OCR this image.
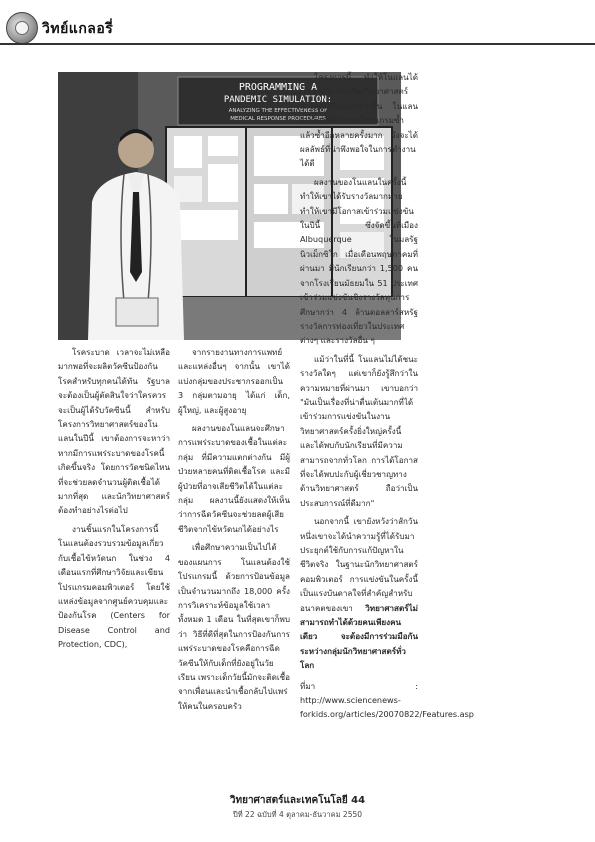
วิทย์แกลอรี่
PROGRAMMING A
PANDEMIC SIMULATION:
ANALYZING THE EFFECTIVENESS OF
MEDICAL RESPONSE PROCEDURES

โครงการนี้ ทำให้โนแลนได้เรียนรู้เกี่ยวกับเรื่องวิทยาศาสตร์ทางคอมพิวเตอร์มากขึ้น โนแลนเองต้องพลิกแพลงโปรแกรมซ้ำแล้วซ้ำอีกหลายครั้งมาก จึงจะได้ผลลัพธ์ที่น่าพึงพอใจในการทำงานได้ดี

ผลงานของโนแลนในครั้งนี้ทำให้เขาได้รับรางวัลมากมาย ทำให้เขามีโอกาสเข้าร่วมแข่งขันในปีนี้ ซึ่งจัดขึ้นที่เมือง Albuquerque ในมลรัฐนิวเม็กซิโก เมื่อเดือนพฤษภาคมที่ผ่านมา มีนักเรียนกว่า 1,500 คนจากโรงเรียนมัธยมใน 51 ประเทศ เข้าร่วมแข่งขันชิงรางวัลทุนการศึกษากว่า 4 ล้านดอลลาร์สหรัฐ รางวัลการท่องเที่ยวในประเทศต่างๆ และรางวัลอื่น ๆ

แม้ว่าในที่นี้ โนแลนไม่ได้ชนะรางวัลใดๆ แต่เขาก็ยังรู้สึกว่าในความหมายที่ผ่านมา เขาบอกว่า "มันเป็นเรื่องที่น่าตื่นเต้นมากที่ได้เข้าร่วมการแข่งขันในงานวิทยาศาสตร์ครั้งยิ่งใหญ่ครั้งนี้ และได้พบกับนักเรียนที่มีความสามารถจากทั่วโลก การได้โอกาสที่จะได้พบปะกับผู้เชี่ยวชาญทางด้านวิทยาศาสตร์ ถือว่าเป็นประสบการณ์ที่ดีมาก"

นอกจากนี้ เขายังหวังว่าสักวันหนึ่งเขาจะได้นำความรู้ที่ได้รับมาประยุกต์ใช้กับการแก้ปัญหาในชีวิตจริง ในฐานะนักวิทยาศาสตร์คอมพิวเตอร์ การแข่งขันในครั้งนี้เป็นแรงบันดาลใจที่สำคัญสำหรับอนาคตของเขา วิทยาศาสตร์ไม่สามารถทำได้ด้วยคนเพียงคนเดียว จะต้องมีการร่วมมือกันระหว่างกลุ่มนักวิทยาศาสตร์ทั่วโลก

ที่มา : http://www.sciencenews-forkids.org/articles/20070822/Features.asp

โรคระบาด เวลาจะไม่เหลือมากพอที่จะผลิตวัคซีนป้องกันโรคสำหรับทุกคนได้ทัน รัฐบาลจะต้องเป็นผู้ตัดสินใจว่าใครควรจะเป็นผู้ได้รับวัคซีนนี้ สำหรับโครงการวิทยาศาสตร์ของโนแลนในปีนี้ เขาต้องการจะหาว่าหากมีการแพร่ระบาดของโรคนี้เกิดขึ้นจริง โดยการวัดชนิดไหนที่จะช่วยลดจำนวนผู้ติดเชื้อได้มากที่สุด และนักวิทยาศาสตร์ต้องทำอย่างไรต่อไป

งานชิ้นแรกในโครงการนี้ โนแลนต้องรวบรวมข้อมูลเกี่ยวกับเชื้อไข้หวัดนก ในช่วง 4 เดือนแรกที่ศึกษาวิจัยและเขียนโปรแกรมคอมพิวเตอร์ โดยใช้แหล่งข้อมูลจากศูนย์ควบคุมและป้องกันโรค (Centers for Disease Control and Protection, CDC),

จากรายงานทางการแพทย์ และแหล่งอื่นๆ จากนั้น เขาได้แบ่งกลุ่มของประชากรออกเป็น 3 กลุ่มตามอายุ ได้แก่ เด็ก, ผู้ใหญ่, และผู้สูงอายุ

ผลงานของโนแลนจะศึกษาการแพร่ระบาดของเชื้อในแต่ละกลุ่ม ที่มีความแตกต่างกัน มีผู้ป่วยหลายคนที่ติดเชื้อโรค และมีผู้ป่วยที่อาจเสียชีวิตได้ในแต่ละกลุ่ม ผลงานนี้ยังแสดงให้เห็นว่าการฉีดวัคซีนจะช่วยลดผู้เสียชีวิตจากไข้หวัดนกได้อย่างไร

เพื่อศึกษาความเป็นไปได้ของแผนการ โนแลนต้องใช้โปรแกรมนี้ ด้วยการป้อนข้อมูลเป็นจำนวนมากถึง 18,000 ครั้ง การวิเคราะห์ข้อมูลใช้เวลาทั้งหมด 1 เดือน ในที่สุดเขาก็พบว่า วิธีที่ดีที่สุดในการป้องกันการแพร่ระบาดของโรคคือการฉีดวัคซีนให้กับเด็กที่ยังอยู่ในวัยเรียน เพราะเด็กวัยนี้มักจะติดเชื้อจากเพื่อนและนำเชื้อกลับไปแพร่ให้คนในครอบครัว

วิทยาศาสตร์และเทคโนโลยี 44
ปีที่ 22 ฉบับที่ 4 ตุลาคม-ธันวาคม 2550
